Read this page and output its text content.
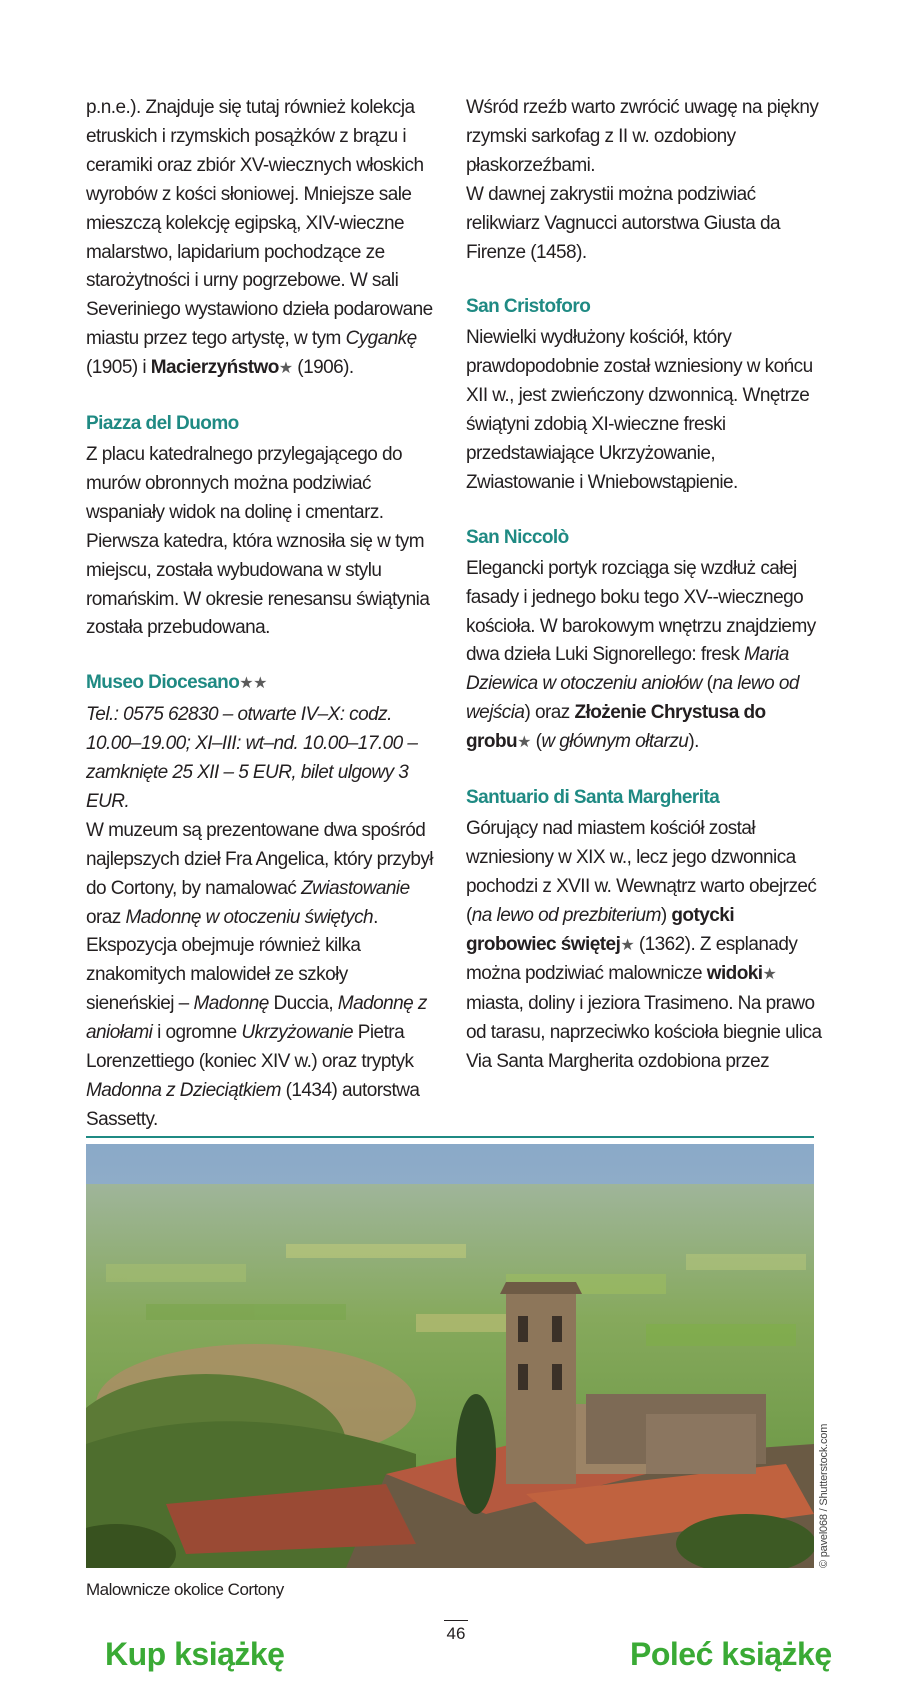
p.n.e.). Znajduje się tutaj również kolekcja etruskich i rzymskich posążków z brązu i ceramiki oraz zbiór XV-wiecznych włoskich wyrobów z kości słoniowej. Mniejsze sale mieszczą kolekcję egipską, XIV-wieczne malarstwo, lapidarium pochodzące ze starożytności i urny pogrzebowe. W sali Severiniego wystawiono dzieła podarowane miastu przez tego artystę, w tym Cygankę (1905) i Macierzyństwo★ (1906).

Piazza del Duomo

Z placu katedralnego przylegającego do murów obronnych można podziwiać wspaniały widok na dolinę i cmentarz. Pierwsza katedra, która wznosiła się w tym miejscu, została wybudowana w stylu romańskim. W okresie renesansu świątynia została przebudowana.

Museo Diocesano★★

Tel.: 0575 62830 – otwarte IV–X: codz. 10.00–19.00; XI–III: wt–nd. 10.00–17.00 – zamknięte 25 XII – 5 EUR, bilet ulgowy 3 EUR.

W muzeum są prezentowane dwa spośród najlepszych dzieł Fra Angelica, który przybył do Cortony, by namalować Zwiastowanie oraz Madonnę w otoczeniu świętych. Ekspozycja obejmuje również kilka znakomitych malowideł ze szkoły sieneńskiej – Madonnę Duccia, Madonnę z aniołami i ogromne Ukrzyżowanie Pietra Lorenzettiego (koniec XIV w.) oraz tryptyk Madonna z Dzieciątkiem (1434) autorstwa Sassetty.

Wśród rzeźb warto zwrócić uwagę na piękny rzymski sarkofag z II w. ozdobiony płaskorzeźbami.

W dawnej zakrystii można podziwiać relikwiarz Vagnucci autorstwa Giusta da Firenze (1458).

San Cristoforo

Niewielki wydłużony kościół, który prawdopodobnie został wzniesiony w końcu XII w., jest zwieńczony dzwonnicą. Wnętrze świątyni zdobią XI-wieczne freski przedstawiające Ukrzyżowanie, Zwiastowanie i Wniebowstąpienie.

San Niccolò

Elegancki portyk rozciąga się wzdłuż całej fasady i jednego boku tego XV--wiecznego kościoła. W barokowym wnętrzu znajdziemy dwa dzieła Luki Signorellego: fresk Maria Dziewica w otoczeniu aniołów (na lewo od wejścia) oraz Złożenie Chrystusa do grobu★ (w głównym ołtarzu).

Santuario di Santa Margherita

Górujący nad miastem kościół został wzniesiony w XIX w., lecz jego dzwonnica pochodzi z XVII w. Wewnątrz warto obejrzeć (na lewo od prezbiterium) gotycki grobowiec świętej★ (1362). Z esplanady można podziwiać malownicze widoki★ miasta, doliny i jeziora Trasimeno. Na prawo od tarasu, naprzeciwko kościoła biegnie ulica Via Santa Margherita ozdobiona przez

© pavel068 / Shutterstock.com
Malownicze okolice Cortony
46
Kup książkę	Poleć książkę
